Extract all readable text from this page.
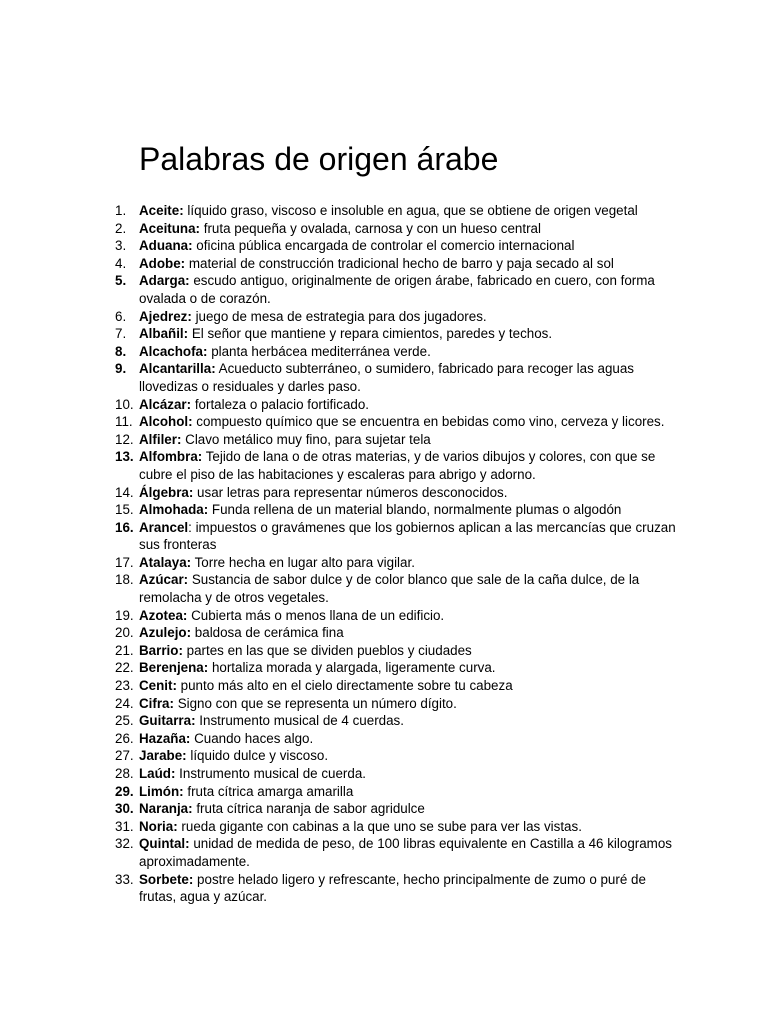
Palabras de origen árabe
1. Aceite: líquido graso, viscoso e insoluble en agua, que se obtiene de origen vegetal
2. Aceituna: fruta pequeña y ovalada, carnosa y con un hueso central
3. Aduana: oficina pública encargada de controlar el comercio internacional
4. Adobe: material de construcción tradicional hecho de barro y paja secado al sol
5. Adarga: escudo antiguo, originalmente de origen árabe, fabricado en cuero, con forma ovalada o de corazón.
6. Ajedrez: juego de mesa de estrategia para dos jugadores.
7. Albañil: El señor que mantiene y repara cimientos, paredes y techos.
8. Alcachofa: planta herbácea mediterránea verde.
9. Alcantarilla: Acueducto subterráneo, o sumidero, fabricado para recoger las aguas llovedizas o residuales y darles paso.
10. Alcázar: fortaleza o palacio fortificado.
11. Alcohol: compuesto químico que se encuentra en bebidas como vino, cerveza y licores.
12. Alfiler: Clavo metálico muy fino, para sujetar tela
13. Alfombra: Tejido de lana o de otras materias, y de varios dibujos y colores, con que se cubre el piso de las habitaciones y escaleras para abrigo y adorno.
14. Álgebra: usar letras para representar números desconocidos.
15. Almohada: Funda rellena de un material blando, normalmente plumas o algodón
16. Arancel: impuestos o gravámenes que los gobiernos aplican a las mercancías que cruzan sus fronteras
17. Atalaya: Torre hecha en lugar alto para vigilar.
18. Azúcar: Sustancia de sabor dulce y de color blanco que sale de la caña dulce, de la remolacha y de otros vegetales.
19. Azotea: Cubierta más o menos llana de un edificio.
20. Azulejo: baldosa de cerámica fina
21. Barrio: partes en las que se dividen pueblos y ciudades
22. Berenjena: hortaliza morada y alargada, ligeramente curva.
23. Cenit: punto más alto en el cielo directamente sobre tu cabeza
24. Cifra: Signo con que se representa un número dígito.
25. Guitarra: Instrumento musical de 4 cuerdas.
26. Hazaña: Cuando haces algo.
27. Jarabe: líquido dulce y viscoso.
28. Laúd: Instrumento musical de cuerda.
29. Limón: fruta cítrica amarga amarilla
30. Naranja: fruta cítrica naranja de sabor agridulce
31. Noria: rueda gigante con cabinas a la que uno se sube para ver las vistas.
32. Quintal: unidad de medida de peso, de 100 libras equivalente en Castilla a 46 kilogramos aproximadamente.
33. Sorbete: postre helado ligero y refrescante, hecho principalmente de zumo o puré de frutas, agua y azúcar.
